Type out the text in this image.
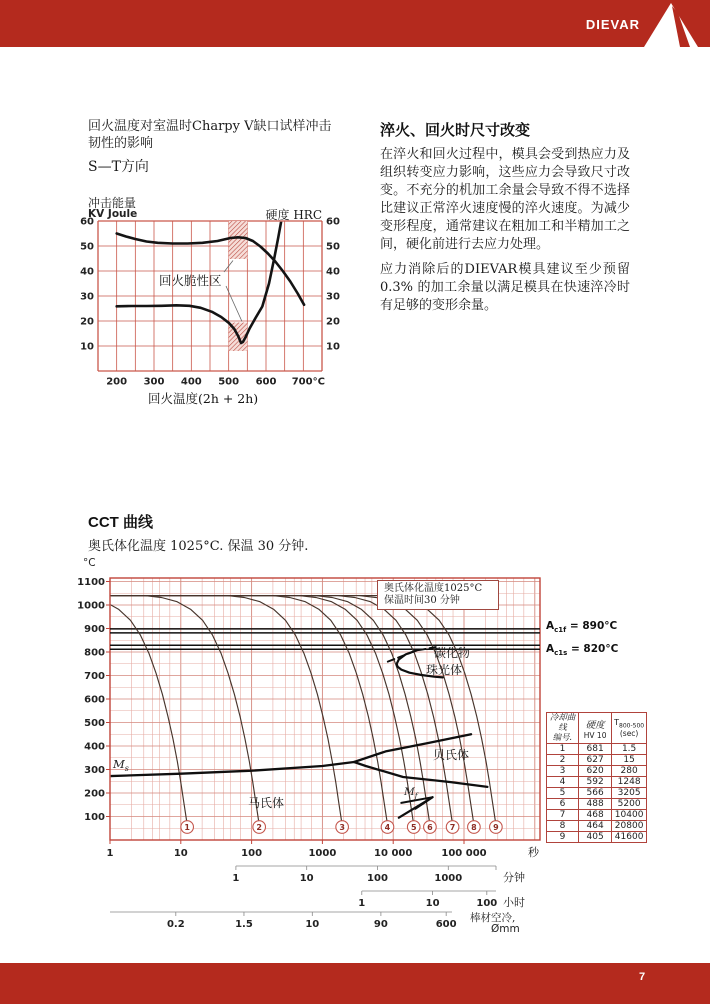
DIEVAR
回火温度对室温时Charpy V缺口试样冲击
韧性的影响
S—T方向
冲击能量
KV Joule	硬度 HRC
回火温度(2h + 2h)
回火脆性区
淬火、回火时尺寸改变
在淬火和回火过程中，模具会受到热应力及组织转变应力影响，这些应力会导致尺寸改变。不充分的机加工余量会导致不得不选择比建议正常淬火速度慢的淬火速度。为减少变形程度，通常建议在粗加工和半精加工之间，硬化前进行去应力处理。
应力消除后的DIEVAR模具建议至少预留0.3% 的加工余量以满足模具在快速淬冷时有足够的变形余量。
CCT 曲线
奥氏体化温度 1025°C. 保温 30 分钟.
°C
奥氏体化温度1025°C
保温时间30 分钟
$A_{c1f} = 890^\circ C$
$A_{c1s} = 820^\circ C$
碳化物
珠光体
贝氏体
马氏体
冷却曲线
编号.

硬度
HV 10

$T_{800-500}$
(sec)

1	681	1.5
2	627	15
3	620	280
4	592	1248
5	566	3205
6	488	5200
7	468	10400
8	464	20800
9	405	41600
10	10
20	20
30	30
40	40
50	50
60	60
200 300 400 500 600 700°C
1	2	3	4	5 6 7 8 9
$M_s$
$M_f$
100
200
300
400
500
600
700
800
900
1000
1100
1	10	100	1000	10 000	100 000	秒
1	10	100	1000	分钟
1	10	100 小时
0.2	1.5	10	90	600
棒材空冷,
Ømm
7
